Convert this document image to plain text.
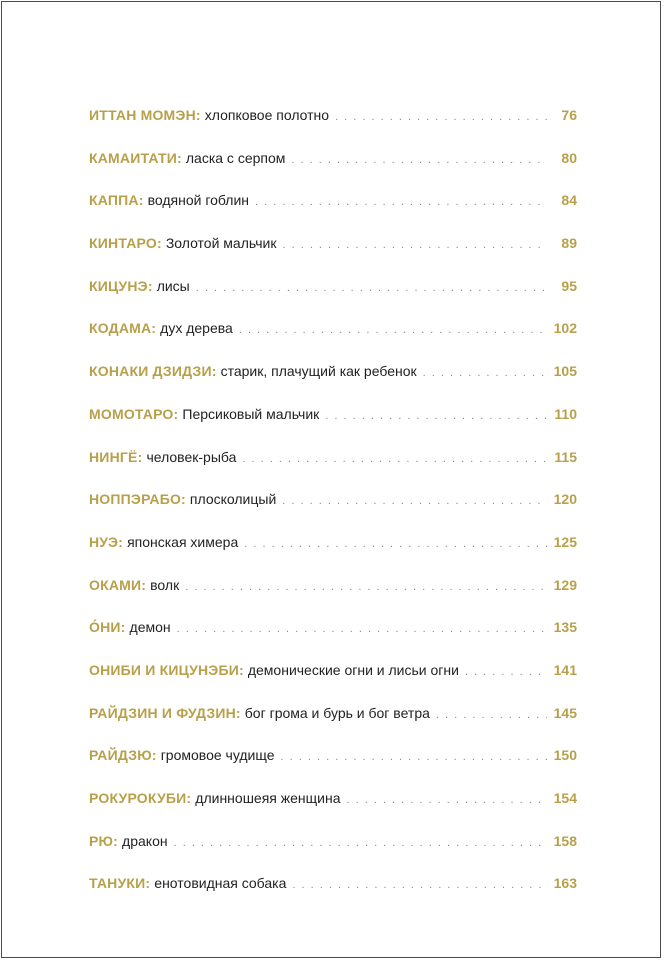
ИТТАН МОМЭН: хлопковое полотно . . .	76
КАМАИТАТИ: ласка с серпом . . .	80
КАППА: водяной гоблин . . .	84
КИНТАРО: Золотой мальчик . . .	89
КИЦУНЭ: лисы . . .	95
КОДАМА: дух дерева . . .	102
КОНАКИ ДЗИДЗИ: старик, плачущий как ребенок . . .	105
МОМОТАРО: Персиковый мальчик . . .	110
НИНГЁ: человек-рыба . . .	115
НОППЭРАБО: плосколицый . . .	120
НУЭ: японская химера . . .	125
ОКАМИ: волк . . .	129
О́НИ: демон . . .	135
ОНИБИ И КИЦУНЭБИ: демонические огни и лисьи огни . . .	141
РАЙДЗИН И ФУДЗИН: бог грома и бурь и бог ветра . . .	145
РАЙДЗЮ: громовое чудище . . .	150
РОКУРОКУБИ: длинношеяя женщина . . .	154
РЮ: дракон . . .	158
ТАНУКИ: енотовидная собака . . .	163
